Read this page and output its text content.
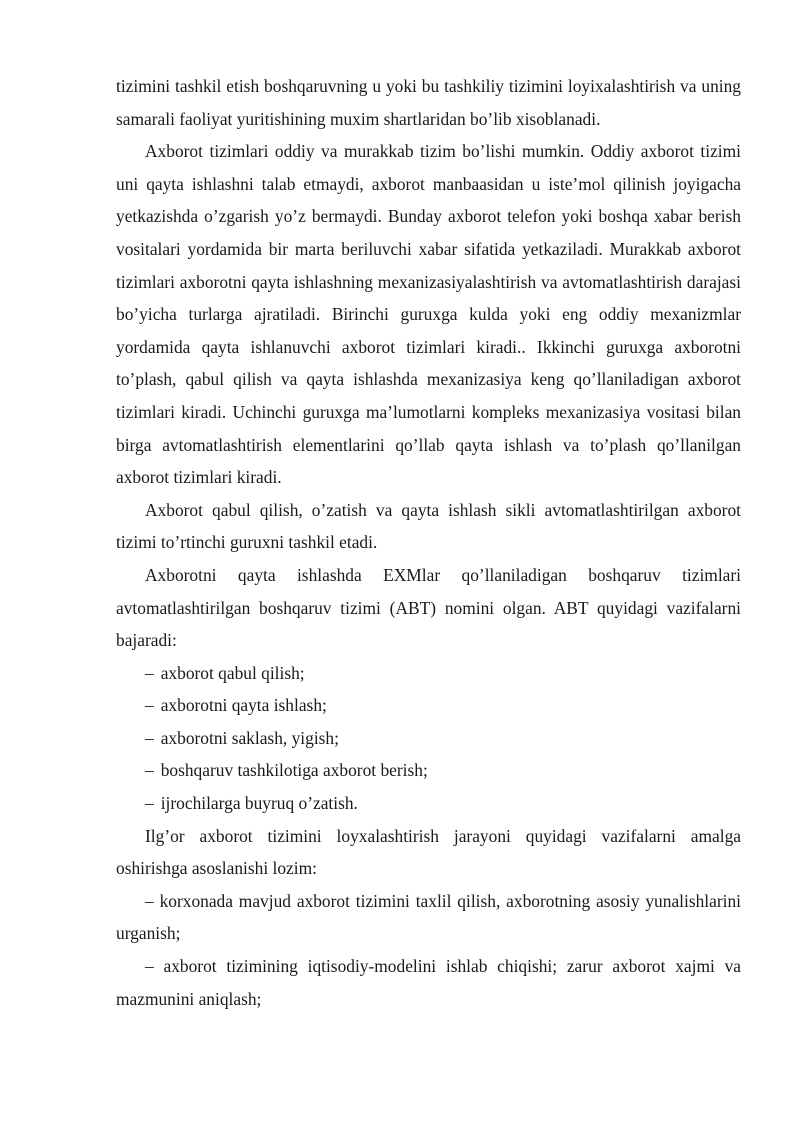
tizimini tashkil etish boshqaruvning u yoki bu tashkiliy tizimini loyixalashtirish va uning samarali faoliyat yuritishining muxim shartlaridan bo’lib xisoblanadi.

Axborot tizimlari oddiy va murakkab tizim bo’lishi mumkin. Oddiy axborot tizimi uni qayta ishlashni talab etmaydi, axborot manbaasidan u iste’mol qilinish joyigacha yetkazishda o’zgarish yo’z bermaydi. Bunday axborot telefon yoki boshqa xabar berish vositalari yordamida bir marta beriluvchi xabar sifatida yetkaziladi. Murakkab axborot tizimlari axborotni qayta ishlashning mexanizasiyalashtirish va avtomatlashtirish darajasi bo’yicha turlarga ajratiladi. Birinchi guruxga kulda yoki eng oddiy mexanizmlar yordamida qayta ishlanuvchi axborot tizimlari kiradi.. Ikkinchi guruxga axborotni to’plash, qabul qilish va qayta ishlashda mexanizasiya keng qo’llaniladigan axborot tizimlari kiradi. Uchinchi guruxga ma’lumotlarni kompleks mexanizasiya vositasi bilan birga avtomatlashtirish elementlarini qo’llab qayta ishlash va to’plash qo’llanilgan axborot tizimlari kiradi.

Axborot qabul qilish, o’zatish va qayta ishlash sikli avtomatlashtirilgan axborot tizimi to’rtinchi guruxni tashkil etadi.

Axborotni qayta ishlashda EXMlar qo’llaniladigan boshqaruv tizimlari avtomatlashtirilgan boshqaruv tizimi (ABT) nomini olgan. ABT quyidagi vazifalarni bajaradi:

– axborot qabul qilish;

– axborotni qayta ishlash;

– axborotni saklash, yigish;

– boshqaruv tashkilotiga axborot berish;

– ijrochilarga buyruq o’zatish.

Ilg’or axborot tizimini loyxalashtirish jarayoni quyidagi vazifalarni amalga oshirishga asoslanishi lozim:

– korxonada mavjud axborot tizimini taxlil qilish, axborotning asosiy yunalishlarini urganish;

– axborot tizimining iqtisodiy-modelini ishlab chiqishi; zarur axborot xajmi va mazmunini aniqlash;
